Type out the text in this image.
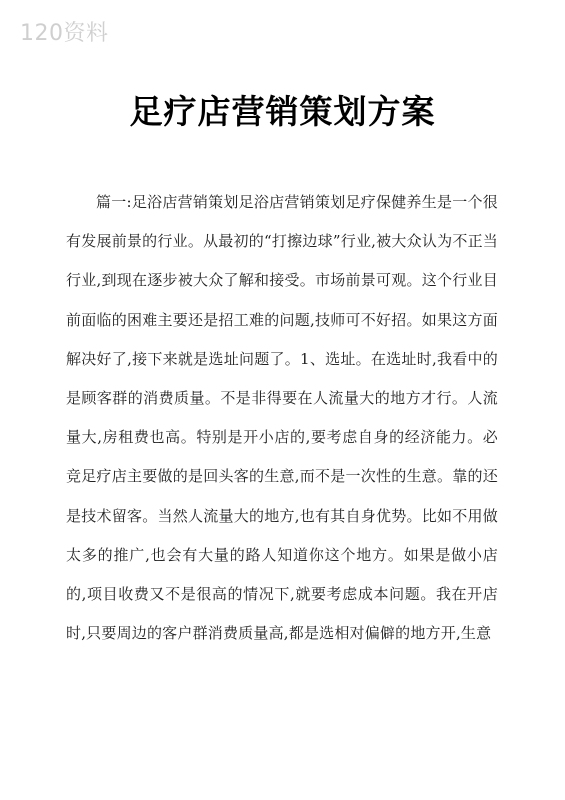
120资料
足疗店营销策划方案
篇一:足浴店营销策划足浴店营销策划足疗保健养生是一个很有发展前景的行业。从最初的“打擦边球”行业,被大众认为不正当行业,到现在逐步被大众了解和接受。市场前景可观。这个行业目前面临的困难主要还是招工难的问题,技师可不好招。如果这方面解决好了,接下来就是选址问题了。1、选址。在选址时,我看中的是顾客群的消费质量。不是非得要在人流量大的地方才行。人流量大,房租费也高。特别是开小店的,要考虑自身的经济能力。必竞足疗店主要做的是回头客的生意,而不是一次性的生意。靠的还是技术留客。当然人流量大的地方,也有其自身优势。比如不用做太多的推广,也会有大量的路人知道你这个地方。如果是做小店的,项目收费又不是很高的情况下,就要考虑成本问题。我在开店时,只要周边的客户群消费质量高,都是选相对偏僻的地方开,生意
